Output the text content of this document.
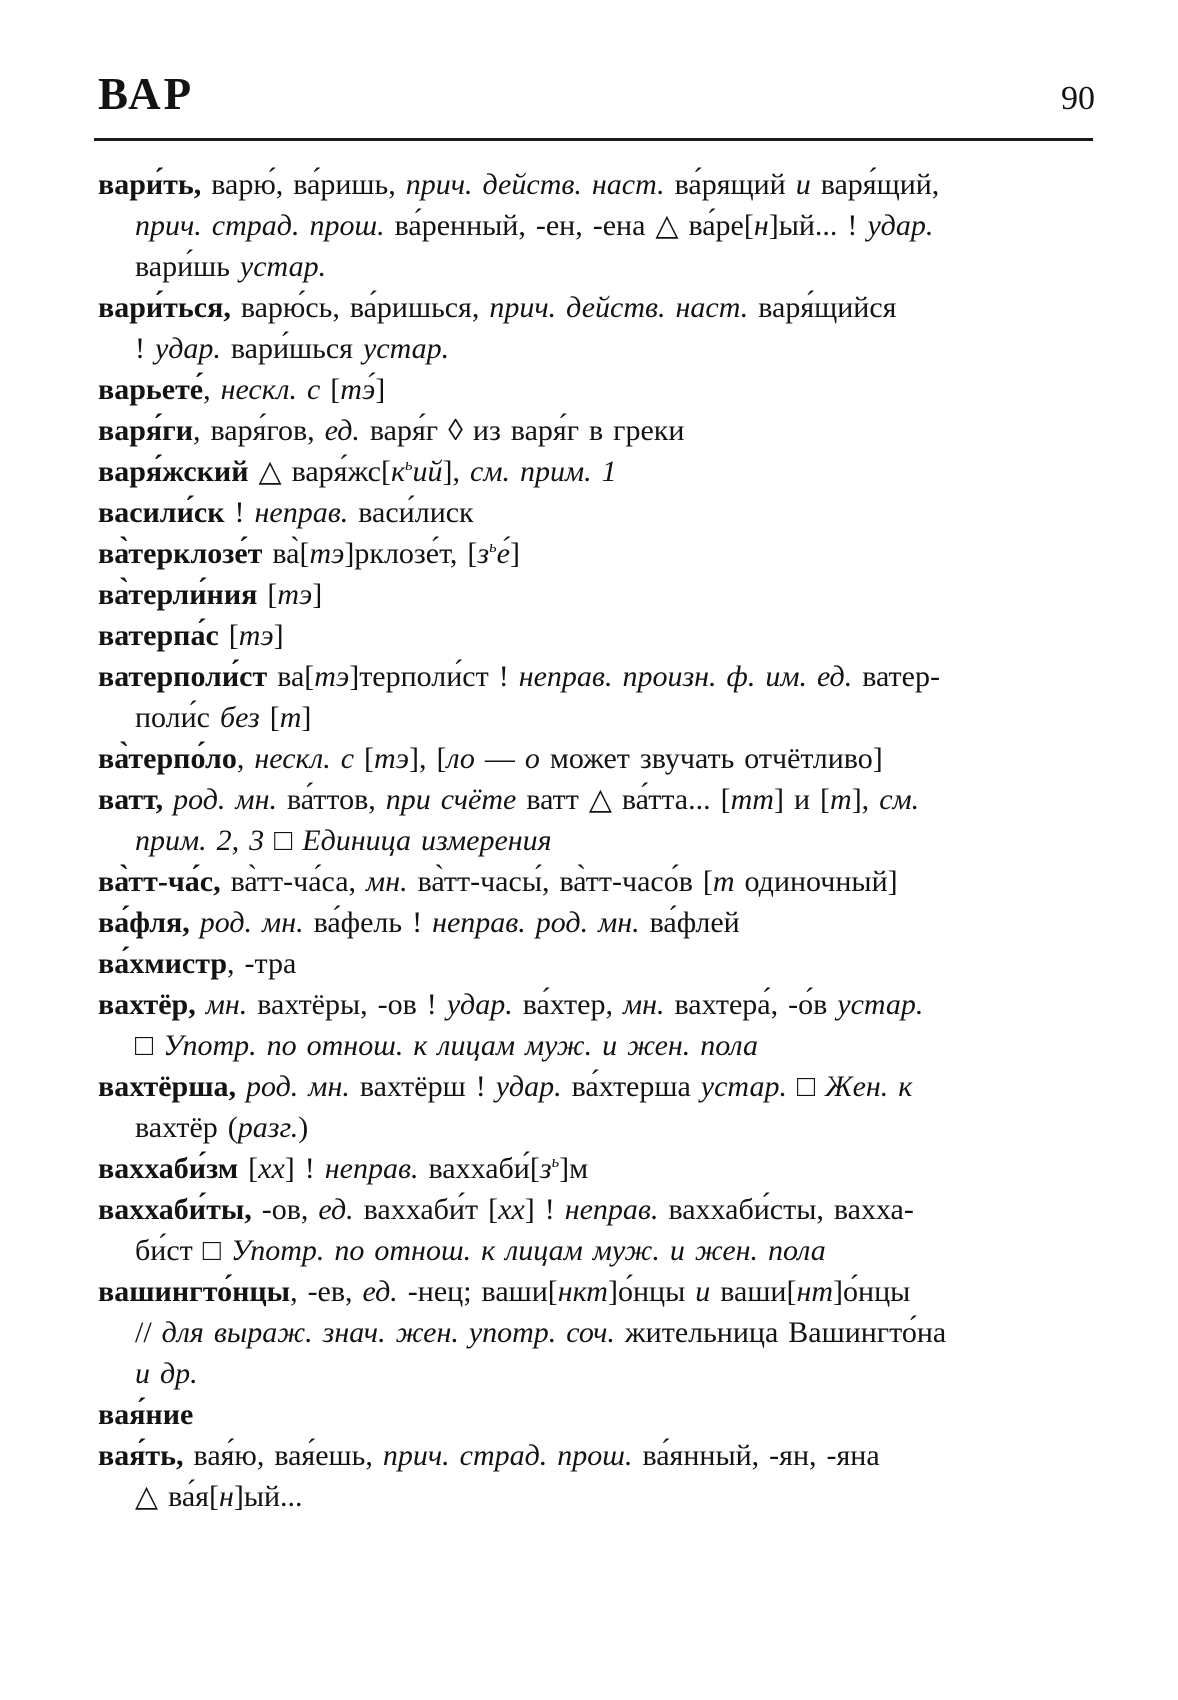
ВАР	90

вари́ть, варю́, ва́ришь, прич. действ. наст. ва́рящий и варя́щий,
прич. страд. прош. ва́ренный, -ен, -ена △ ва́ре[н]ый... ! удар.
вари́шь устар.

вари́ться, варю́сь, ва́ришься, прич. действ. наст. варя́щийся
! удар. вари́шься устар.

варьете́, нескл. с [тэ́]

варя́ги, варя́гов, ед. варя́г ◊ из варя́г в греки

варя́жский △ $варя́жс[к^ьий]$, см. прим. 1

васили́ск ! неправ. васи́лиск

ва̀терклозе́т ва̀[тэ]рклозе́т, $[з^ье́]$

ва̀терли́ния [тэ]

ватерпа́с [тэ]

ватерполи́ст ва[тэ]терполи́ст ! неправ. произн. ф. им. ед. ватер-
поли́с без [т]

ва̀терпо́ло, нескл. с [тэ], [ло — о может звучать отчётливо]

ватт, род. мн. ва́ттов, при счёте ватт △ ва́тта... [тт] и [т], см.
прим. 2, 3 □ Единица измерения

ва̀тт-ча́с, ва̀тт-ча́са, мн. ва̀тт-часы́, ва̀тт-часо́в [т одиночный]

ва́фля, род. мн. ва́фель ! неправ. род. мн. ва́флей

ва́хмистр, -тра

вахтёр, мн. вахтёры, -ов ! удар. ва́хтер, мн. вахтера́, -о́в устар.
□ Употр. по отнош. к лицам муж. и жен. пола

вахтёрша, род. мн. вахтёрш ! удар. ва́хтерша устар. □ Жен. к
вахтёр (разг.)

ваххаби́зм [хх] ! неправ. $ваххаби́[з^ь]м$

ваххаби́ты, -ов, ед. ваххаби́т [хх] ! неправ. ваххаби́сты, вахха-
би́ст □ Употр. по отнош. к лицам муж. и жен. пола

вашингто́нцы, -ев, ед. -нец; ваши[нкт]о́нцы и ваши[нт]о́нцы
// для выраж. знач. жен. употр. соч. жительница Вашингто́на
и др.

вая́ние

вая́ть, вая́ю, вая́ешь, прич. страд. прош. ва́янный, -ян, -яна
△ ва́я[н]ый...
